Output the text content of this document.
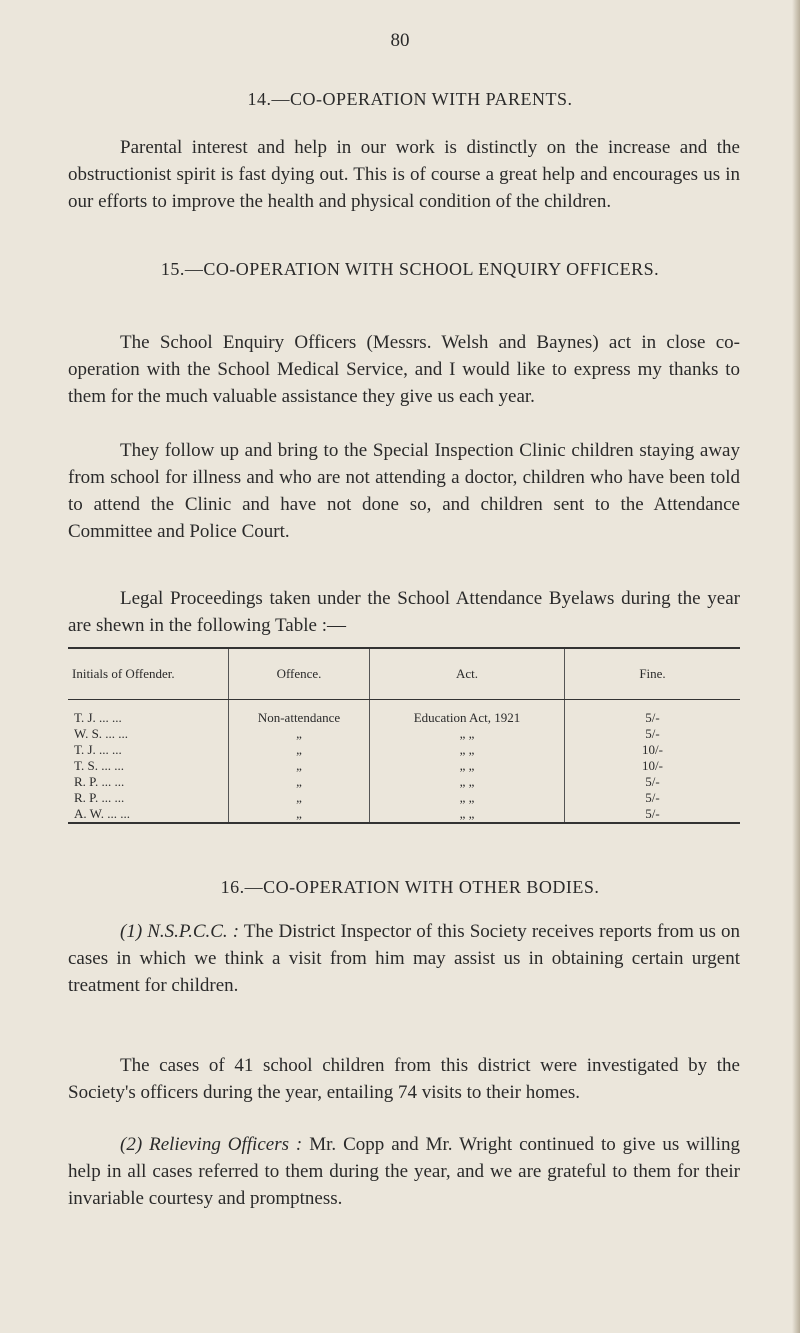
80
14.—CO-OPERATION WITH PARENTS.

Parental interest and help in our work is distinctly on the increase and the obstructionist spirit is fast dying out. This is of course a great help and encourages us in our efforts to improve the health and physical condition of the children.

15.—CO-OPERATION WITH SCHOOL ENQUIRY OFFICERS.

The School Enquiry Officers (Messrs. Welsh and Baynes) act in close co-operation with the School Medical Service, and I would like to express my thanks to them for the much valuable assistance they give us each year.

They follow up and bring to the Special Inspection Clinic children staying away from school for illness and who are not attending a doctor, children who have been told to attend the Clinic and have not done so, and children sent to the Attendance Committee and Police Court.

Legal Proceedings taken under the School Attendance Byelaws during the year are shewn in the following Table :—

Initials of Offender.	Offence.	Act.	Fine.
T. J. ... ...	Non-attendance	Education Act, 1921	5/-
W. S. ... ...	„	„ „	5/-
T. J. ... ...	„	„ „	10/-
T. S. ... ...	„	„ „	10/-
R. P. ... ...	„	„ „	5/-
R. P. ... ...	„	„ „	5/-
A. W. ... ...	„	„ „	5/-
16.—CO-OPERATION WITH OTHER BODIES.

(1) N.S.P.C.C. : The District Inspector of this Society receives reports from us on cases in which we think a visit from him may assist us in obtaining certain urgent treatment for children.

The cases of 41 school children from this district were investigated by the Society's officers during the year, entailing 74 visits to their homes.

(2) Relieving Officers : Mr. Copp and Mr. Wright continued to give us willing help in all cases referred to them during the year, and we are grateful to them for their invariable courtesy and promptness.
